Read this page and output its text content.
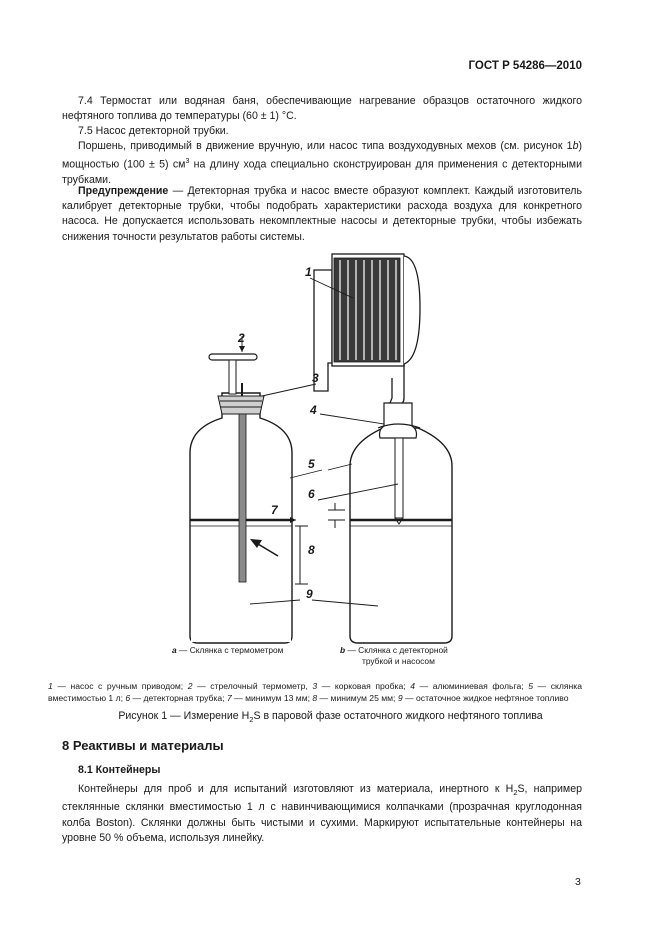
ГОСТ Р 54286—2010
7.4 Термостат или водяная баня, обеспечивающие нагревание образцов остаточного жидкого нефтяного топлива до температуры (60 ± 1) °С.
7.5 Насос детекторной трубки.
Поршень, приводимый в движение вручную, или насос типа воздуходувных мехов (см. рисунок 1b) мощностью (100 ± 5) $см^3$ на длину хода специально сконструирован для применения с детекторными трубками.
Предупреждение — Детекторная трубка и насос вместе образуют комплект. Каждый изготовитель калибрует детекторные трубки, чтобы подобрать характеристики расхода воздуха для конкретного насоса. Не допускается использовать некомплектные насосы и детекторные трубки, чтобы избежать снижения точности результатов работы системы.
1
2
3
4
5
6
7
8
9
a — Склянка с термометром	b — Склянка с детекторной
трубкой и насосом
1 — насос с ручным приводом; 2 — стрелочный термометр, 3 — корковая пробка; 4 — алюминиевая фольга; 5 — склянка вместимостью 1 л; 6 — детекторная трубка; 7 — минимум 13 мм; 8 — минимум 25 мм; 9 — остаточное жидкое нефтяное топливо
Рисунок 1 — Измерение $H_2S$ в паровой фазе остаточного жидкого нефтяного топлива
8 Реактивы и материалы
8.1 Контейнеры
Контейнеры для проб и для испытаний изготовляют из материала, инертного к $H_2S$, например стеклянные склянки вместимостью 1 л с навинчивающимися колпачками (прозрачная круглодонная колба Boston). Склянки должны быть чистыми и сухими. Маркируют испытательные контейнеры на уровне 50 % объема, используя линейку.
3
